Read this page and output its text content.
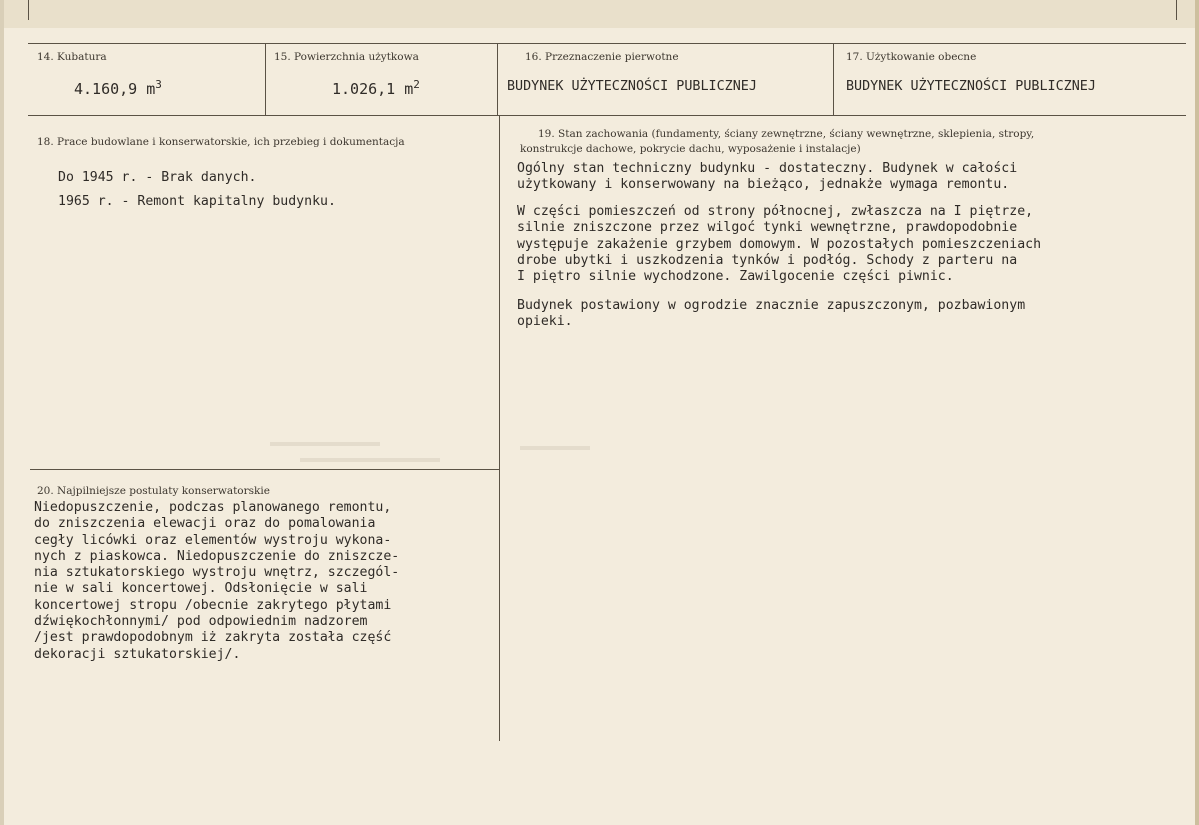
14. Kubatura
4.160,9 $m^3$
15. Powierzchnia użytkowa
1.026,1 $m^2$
16. Przeznaczenie pierwotne
BUDYNEK UŻYTECZNOŚCI PUBLICZNEJ
17. Użytkowanie obecne
BUDYNEK UŻYTECZNOŚCI PUBLICZNEJ
18. Prace budowlane i konserwatorskie, ich przebieg i dokumentacja
Do 1945 r. - Brak danych.
1965 r. - Remont kapitalny budynku.
19. Stan zachowania (fundamenty, ściany zewnętrzne, ściany wewnętrzne, sklepienia, stropy,
konstrukcje dachowe, pokrycie dachu, wyposażenie i instalacje)
Ogólny stan techniczny budynku - dostateczny. Budynek w całości
użytkowany i konserwowany na bieżąco, jednakże wymaga remontu.
W części pomieszczeń od strony północnej, zwłaszcza na I piętrze,
silnie zniszczone przez wilgoć tynki wewnętrzne, prawdopodobnie
występuje zakażenie grzybem domowym. W pozostałych pomieszczeniach
drobe ubytki i uszkodzenia tynków i podłóg. Schody z parteru na
I piętro silnie wychodzone. Zawilgocenie części piwnic.
Budynek postawiony w ogrodzie znacznie zapuszczonym, pozbawionym
opieki.
20. Najpilniejsze postulaty konserwatorskie
Niedopuszczenie, podczas planowanego remontu,
do zniszczenia elewacji oraz do pomalowania
cegły licówki oraz elementów wystroju wykona-
nych z piaskowca. Niedopuszczenie do zniszcze-
nia sztukatorskiego wystroju wnętrz, szczegól-
nie w sali koncertowej. Odsłonięcie w sali
koncertowej stropu /obecnie zakrytego płytami
dźwiękochłonnymi/ pod odpowiednim nadzorem
/jest prawdopodobnym iż zakryta została część
dekoracji sztukatorskiej/.
